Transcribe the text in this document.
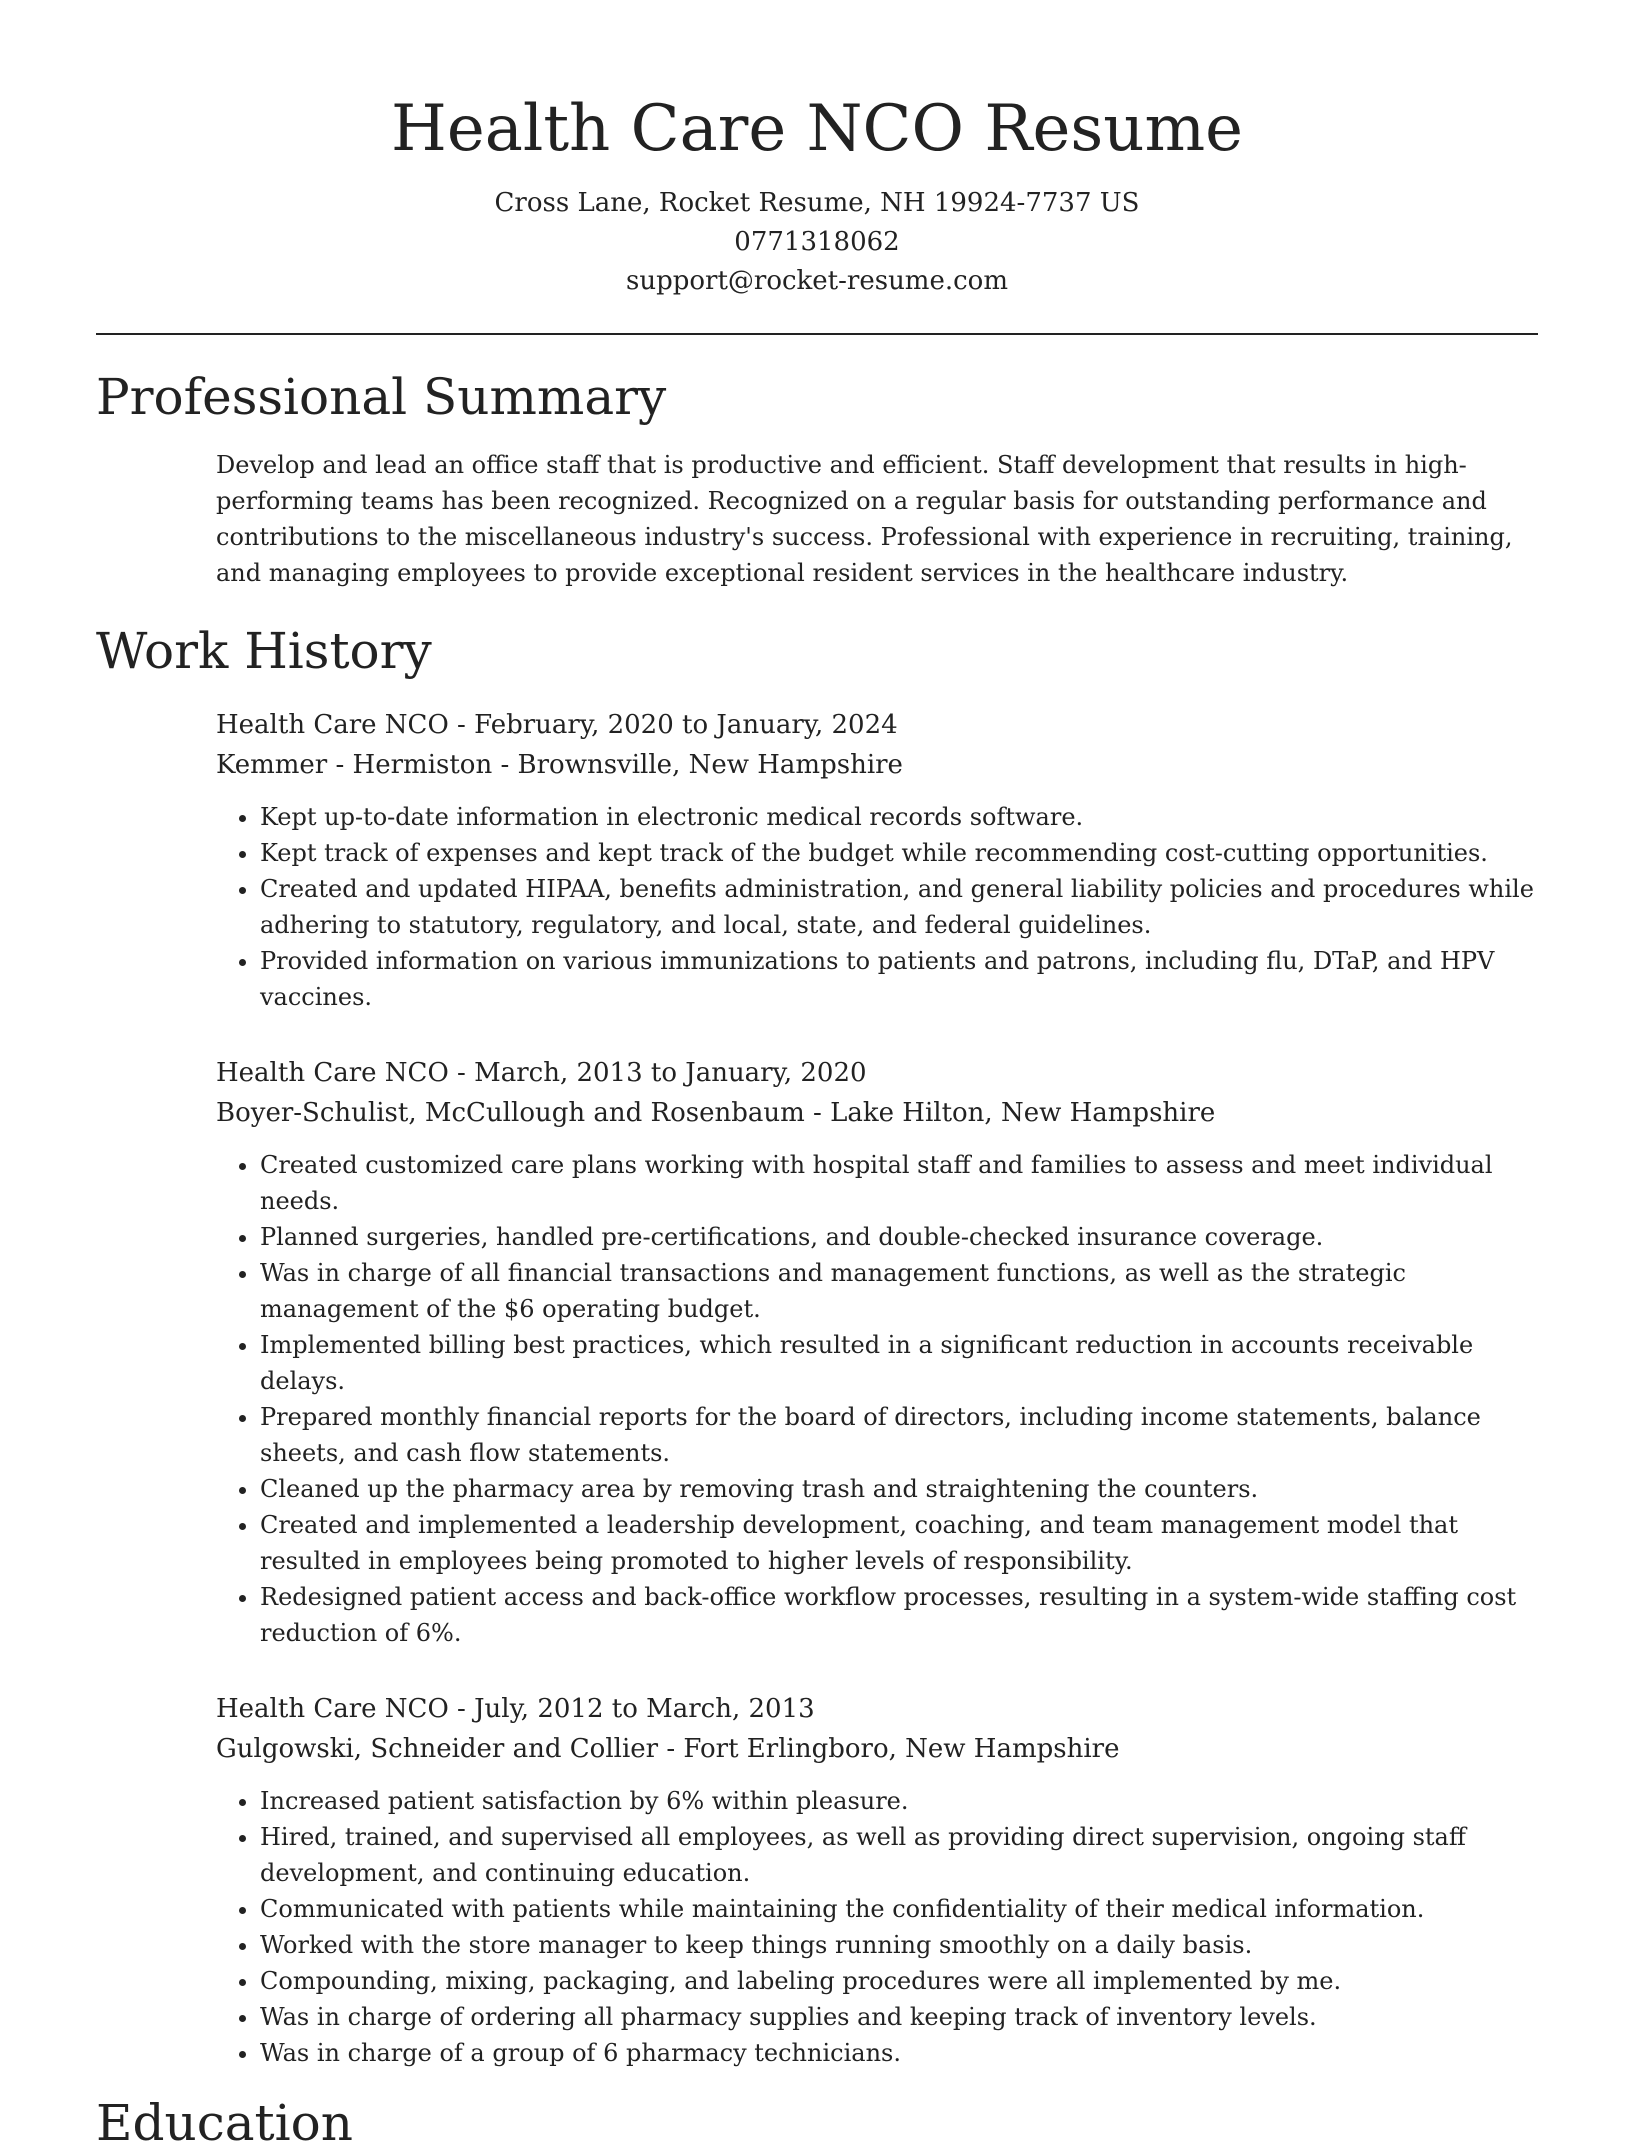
Health Care NCO Resume
Cross Lane, Rocket Resume, NH 19924-7737 US
0771318062
support@rocket-resume.com
Professional Summary
Develop and lead an office staff that is productive and efficient. Staff development that results in high-performing teams has been recognized. Recognized on a regular basis for outstanding performance and contributions to the miscellaneous industry's success. Professional with experience in recruiting, training, and managing employees to provide exceptional resident services in the healthcare industry.
Work History
Health Care NCO - February, 2020 to January, 2024
Kemmer - Hermiston - Brownsville, New Hampshire
• Kept up-to-date information in electronic medical records software.
• Kept track of expenses and kept track of the budget while recommending cost-cutting opportunities.
• Created and updated HIPAA, benefits administration, and general liability policies and procedures while adhering to statutory, regulatory, and local, state, and federal guidelines.
• Provided information on various immunizations to patients and patrons, including flu, DTaP, and HPV vaccines.
Health Care NCO - March, 2013 to January, 2020
Boyer-Schulist, McCullough and Rosenbaum - Lake Hilton, New Hampshire
• Created customized care plans working with hospital staff and families to assess and meet individual needs.
• Planned surgeries, handled pre-certifications, and double-checked insurance coverage.
• Was in charge of all financial transactions and management functions, as well as the strategic management of the $6 operating budget.
• Implemented billing best practices, which resulted in a significant reduction in accounts receivable delays.
• Prepared monthly financial reports for the board of directors, including income statements, balance sheets, and cash flow statements.
• Cleaned up the pharmacy area by removing trash and straightening the counters.
• Created and implemented a leadership development, coaching, and team management model that resulted in employees being promoted to higher levels of responsibility.
• Redesigned patient access and back-office workflow processes, resulting in a system-wide staffing cost reduction of 6%.
Health Care NCO - July, 2012 to March, 2013
Gulgowski, Schneider and Collier - Fort Erlingboro, New Hampshire
• Increased patient satisfaction by 6% within pleasure.
• Hired, trained, and supervised all employees, as well as providing direct supervision, ongoing staff development, and continuing education.
• Communicated with patients while maintaining the confidentiality of their medical information.
• Worked with the store manager to keep things running smoothly on a daily basis.
• Compounding, mixing, packaging, and labeling procedures were all implemented by me.
• Was in charge of ordering all pharmacy supplies and keeping track of inventory levels.
• Was in charge of a group of 6 pharmacy technicians.
Education
